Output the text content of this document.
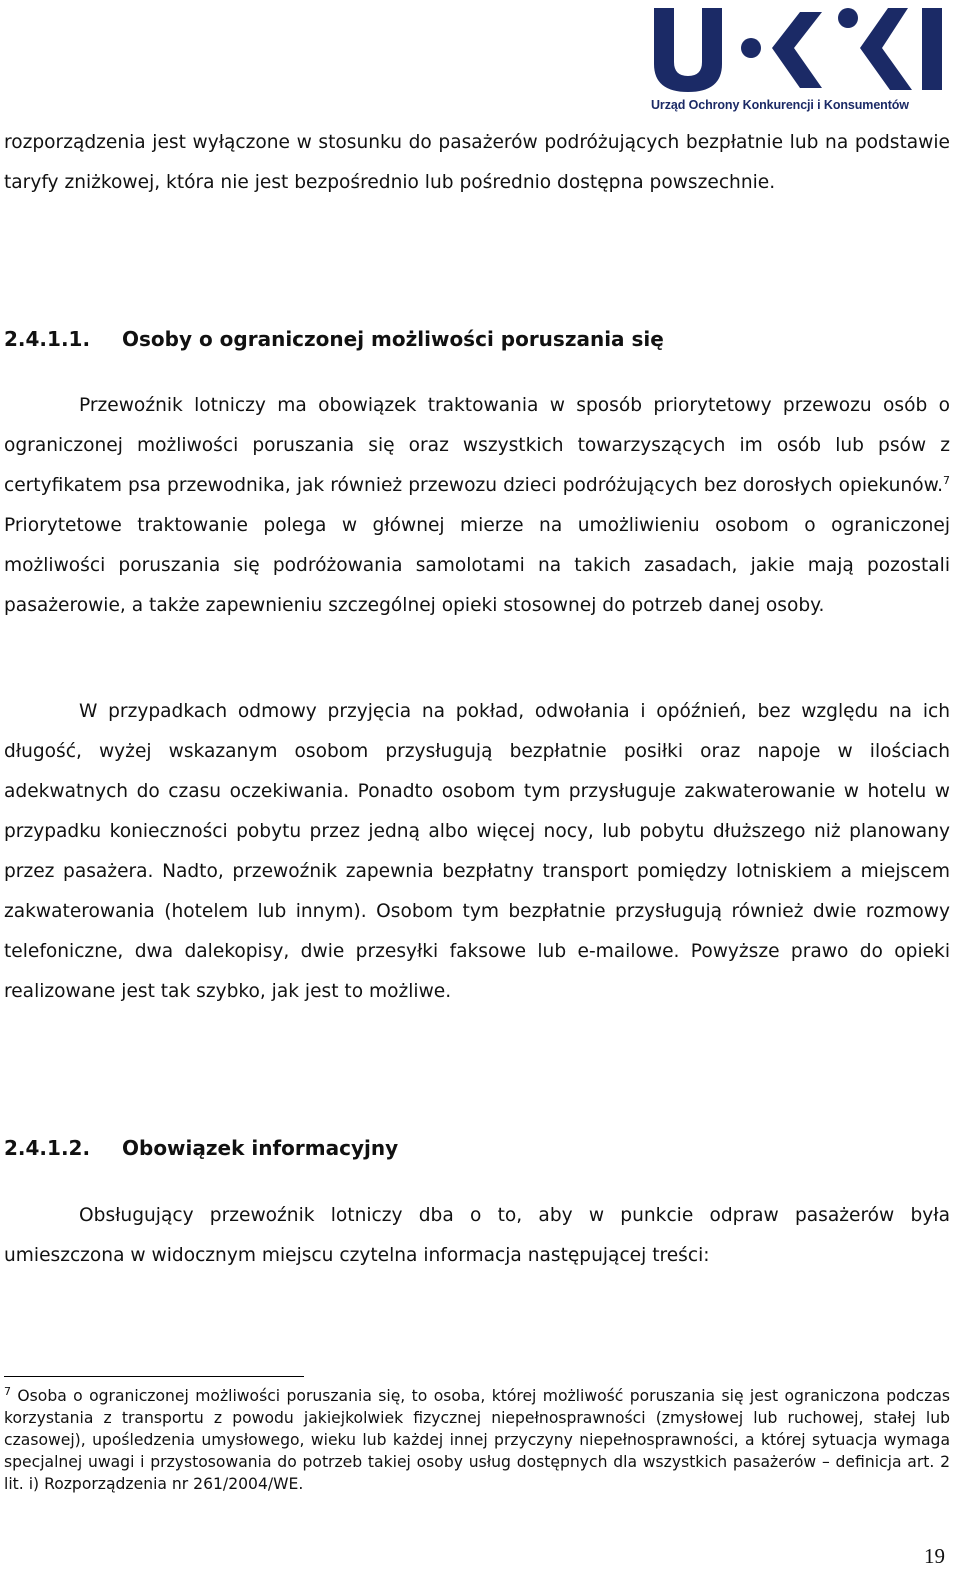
Urząd Ochrony Konkurencji i Konsumentów

rozporządzenia jest wyłączone w stosunku do pasażerów podróżujących bezpłatnie lub na podstawie taryfy zniżkowej, która nie jest bezpośrednio lub pośrednio dostępna powszechnie.

2.4.1.1. Osoby o ograniczonej możliwości poruszania się

Przewoźnik lotniczy ma obowiązek traktowania w sposób priorytetowy przewozu osób o ograniczonej możliwości poruszania się oraz wszystkich towarzyszących im osób lub psów z certyfikatem psa przewodnika, jak również przewozu dzieci podróżujących bez dorosłych opiekunów.$^7$ Priorytetowe traktowanie polega w głównej mierze na umożliwieniu osobom o ograniczonej możliwości poruszania się podróżowania samolotami na takich zasadach, jakie mają pozostali pasażerowie, a także zapewnieniu szczególnej opieki stosownej do potrzeb danej osoby.

W przypadkach odmowy przyjęcia na pokład, odwołania i opóźnień, bez względu na ich długość, wyżej wskazanym osobom przysługują bezpłatnie posiłki oraz napoje w ilościach adekwatnych do czasu oczekiwania. Ponadto osobom tym przysługuje zakwaterowanie w hotelu w przypadku konieczności pobytu przez jedną albo więcej nocy, lub pobytu dłuższego niż planowany przez pasażera. Nadto, przewoźnik zapewnia bezpłatny transport pomiędzy lotniskiem a miejscem zakwaterowania (hotelem lub innym). Osobom tym bezpłatnie przysługują również dwie rozmowy telefoniczne, dwa dalekopisy, dwie przesyłki faksowe lub e-mailowe. Powyższe prawo do opieki realizowane jest tak szybko, jak jest to możliwe.

2.4.1.2. Obowiązek informacyjny

Obsługujący przewoźnik lotniczy dba o to, aby w punkcie odpraw pasażerów była umieszczona w widocznym miejscu czytelna informacja następującej treści:

$^7$ Osoba o ograniczonej możliwości poruszania się, to osoba, której możliwość poruszania się jest ograniczona podczas korzystania z transportu z powodu jakiejkolwiek fizycznej niepełnosprawności (zmysłowej lub ruchowej, stałej lub czasowej), upośledzenia umysłowego, wieku lub każdej innej przyczyny niepełnosprawności, a której sytuacja wymaga specjalnej uwagi i przystosowania do potrzeb takiej osoby usług dostępnych dla wszystkich pasażerów – definicja art. 2 lit. i) Rozporządzenia nr 261/2004/WE.

19
